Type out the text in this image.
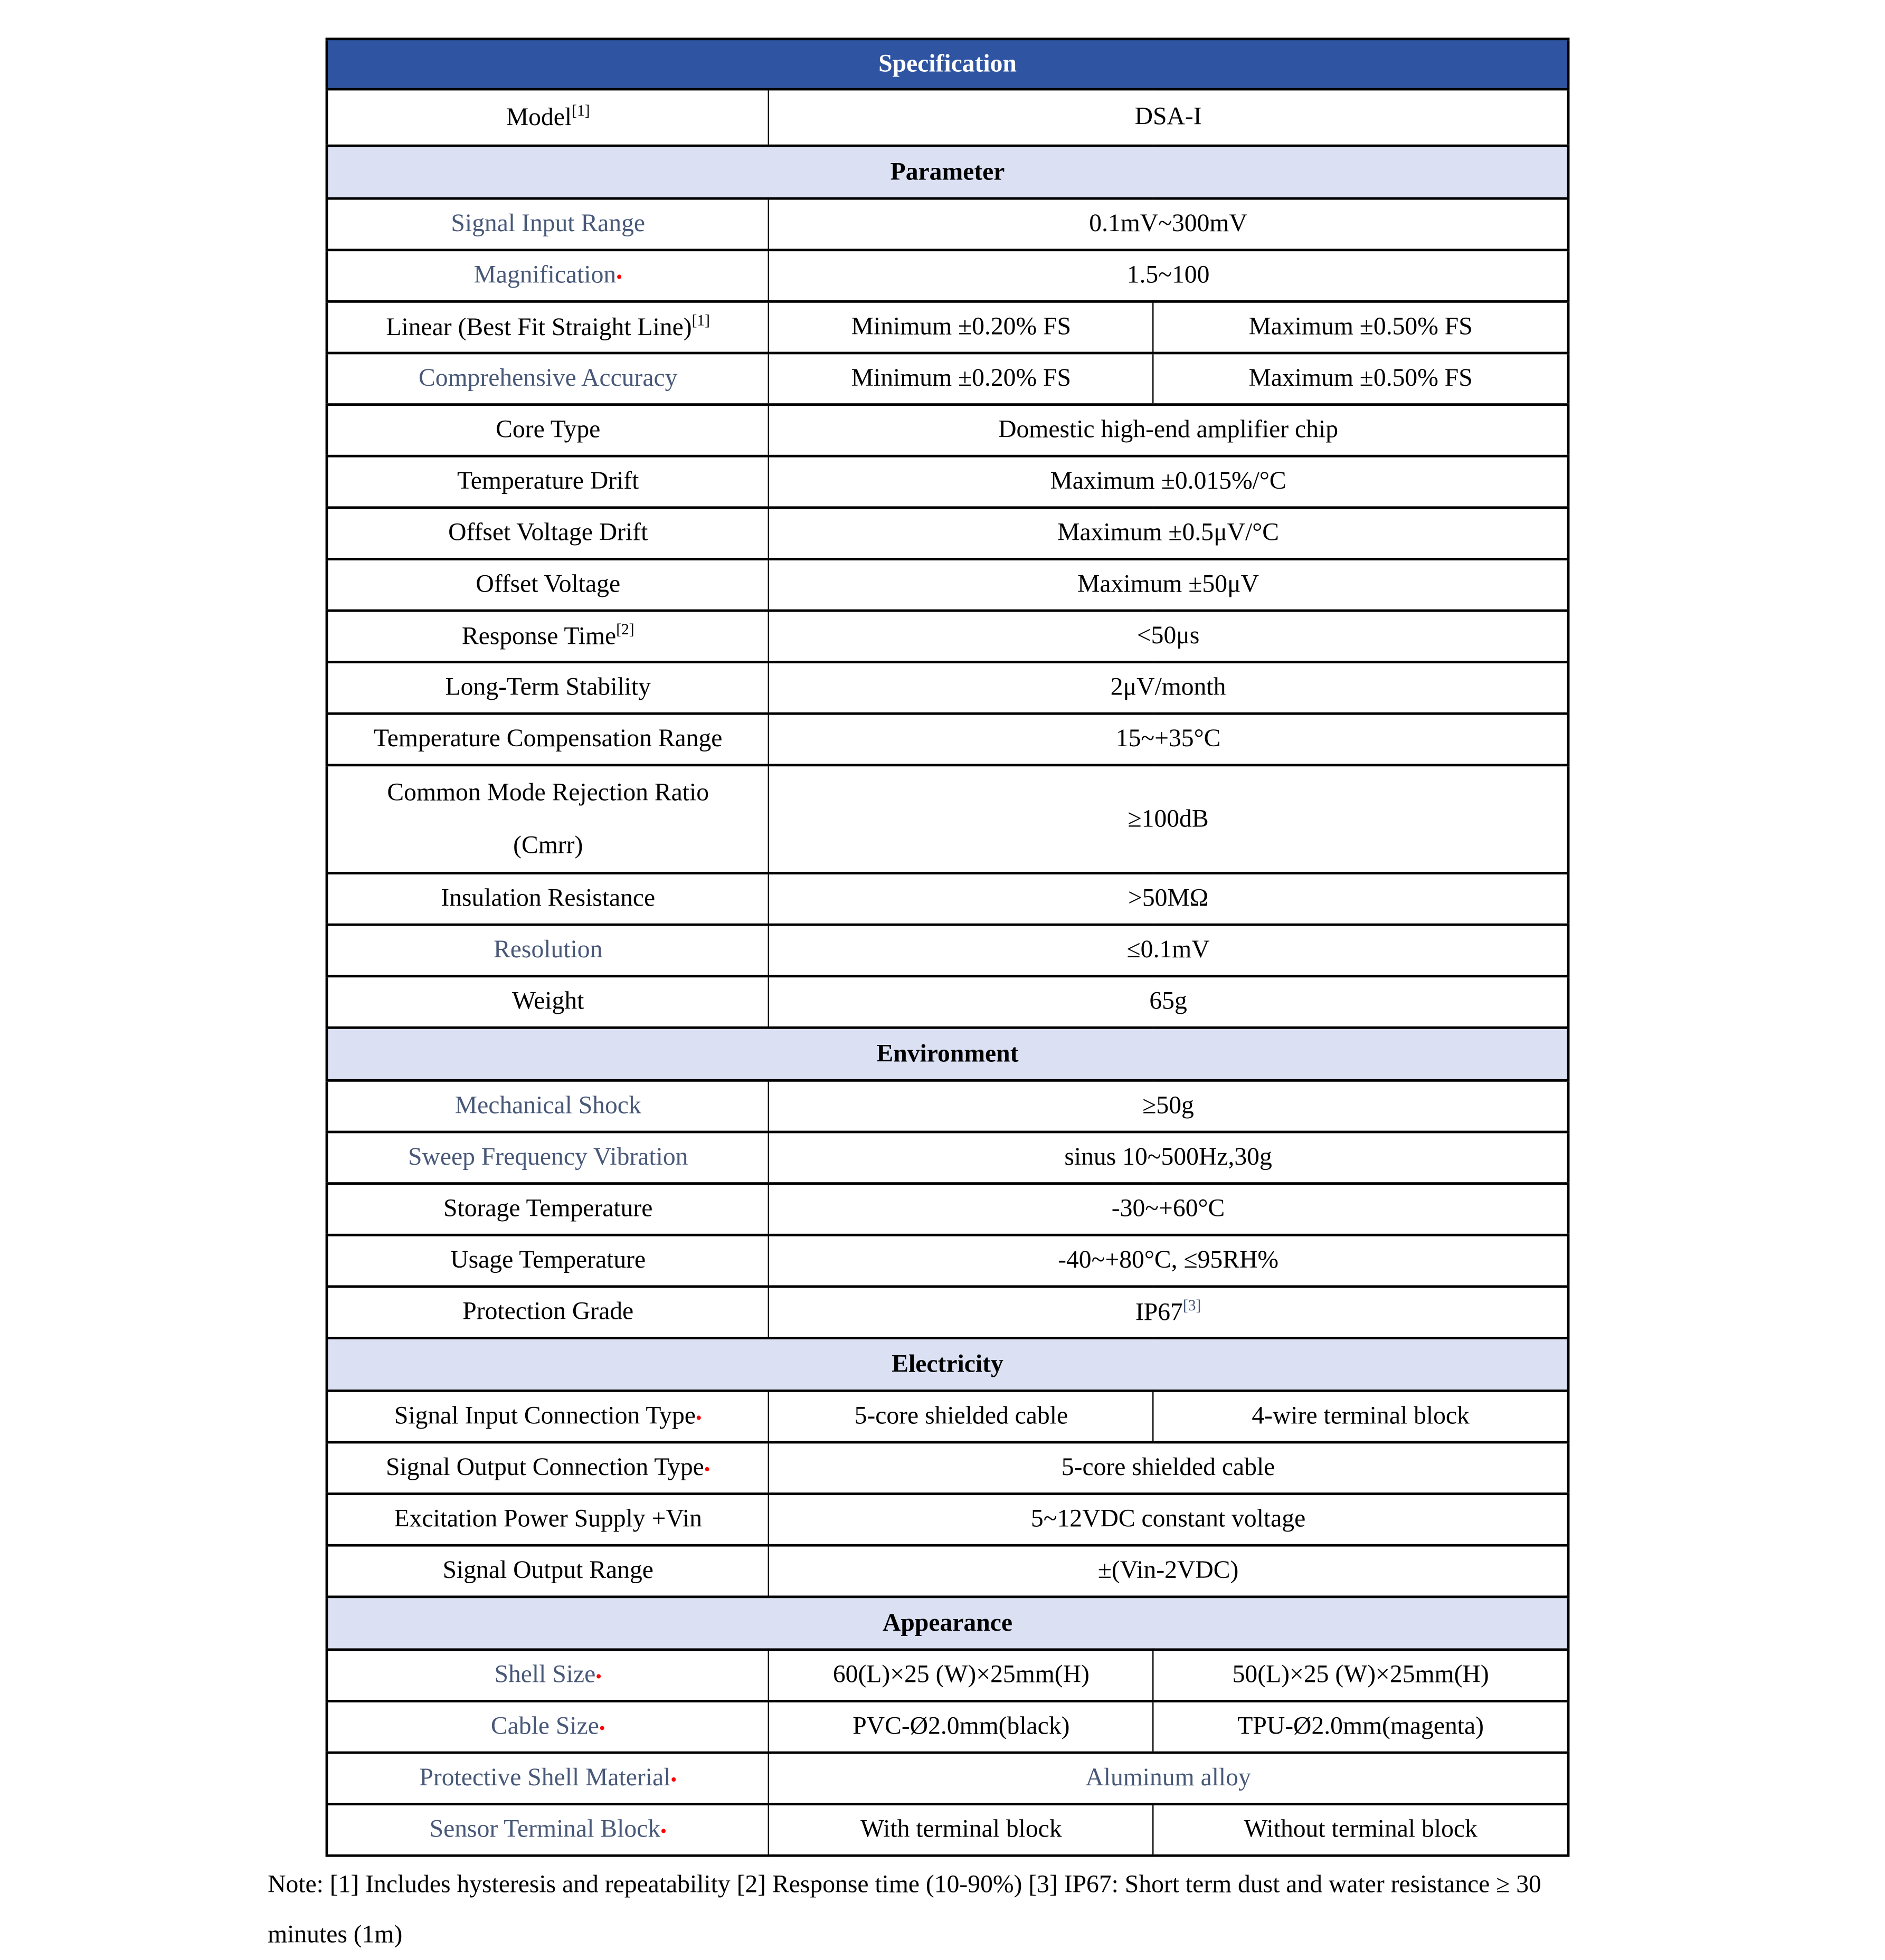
Specification		
Model[1]	DSA-I	
Parameter		
Signal Input Range	0.1mV~300mV	
Magnification•	1.5~100	
Linear (Best Fit Straight Line)[1]	Minimum ±0.20% FS	Maximum ±0.50% FS
Comprehensive Accuracy	Minimum ±0.20% FS	Maximum ±0.50% FS
Core Type	Domestic high-end amplifier chip	
Temperature Drift	Maximum ±0.015%/°C	
Offset Voltage Drift	Maximum ±0.5μV/°C	
Offset Voltage	Maximum ±50μV	
Response Time[2]	<50μs	
Long-Term Stability	2μV/month	
Temperature Compensation Range	15~+35°C	
Common Mode Rejection Ratio
(Cmrr)	≥100dB	
Insulation Resistance	>50MΩ	
Resolution	≤0.1mV	
Weight	65g	
Environment		
Mechanical Shock	≥50g	
Sweep Frequency Vibration	sinus 10~500Hz,30g	
Storage Temperature	-30~+60°C	
Usage Temperature	-40~+80°C, ≤95RH%	
Protection Grade	IP67[3]
Electricity		
Signal Input Connection Type•	5-core shielded cable	4-wire terminal block
Signal Output Connection Type•	5-core shielded cable	
Excitation Power Supply +Vin	5~12VDC constant voltage	
Signal Output Range	±(Vin-2VDC)	
Appearance		
Shell Size•	60(L)×25 (W)×25mm(H)	50(L)×25 (W)×25mm(H)
Cable Size•	PVC-Ø2.0mm(black)	TPU-Ø2.0mm(magenta)
Protective Shell Material•	Aluminum alloy	
Sensor Terminal Block•	With terminal block	Without terminal block
Note: [1] Includes hysteresis and repeatability [2] Response time (10-90%) [3] IP67: Short term dust and water resistance ≥ 30
minutes (1m)
